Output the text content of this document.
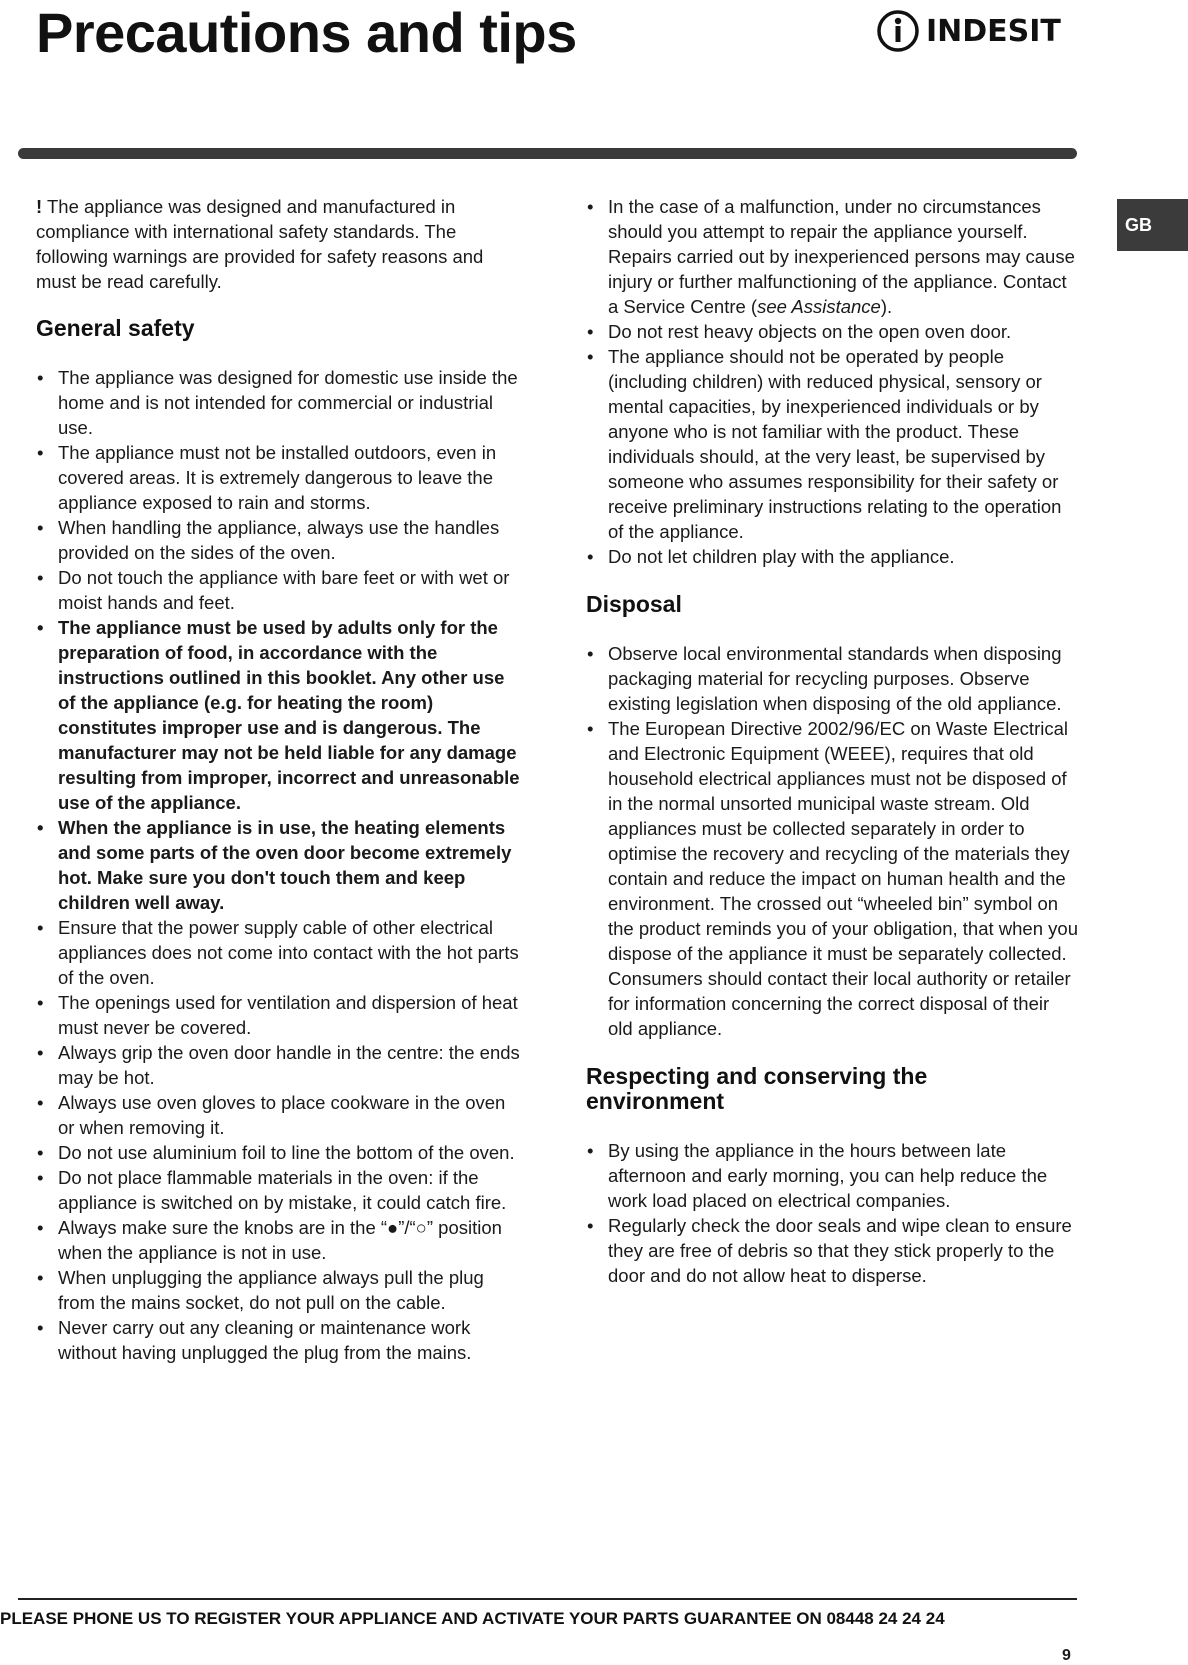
Precautions and tips	INDESIT
GB

! The appliance was designed and manufactured in compliance with international safety standards. The following warnings are provided for safety reasons and must be read carefully.

General safety
• The appliance was designed for domestic use inside the home and is not intended for commercial or industrial use.
• The appliance must not be installed outdoors, even in covered areas. It is extremely dangerous to leave the appliance exposed to rain and storms.
• When handling the appliance, always use the handles provided on the sides of the oven.
• Do not touch the appliance with bare feet or with wet or moist hands and feet.
• The appliance must be used by adults only for the preparation of food, in accordance with the instructions outlined in this booklet. Any other use of the appliance (e.g. for heating the room) constitutes improper use and is dangerous. The manufacturer may not be held liable for any damage resulting from improper, incorrect and unreasonable use of the appliance.
• When the appliance is in use, the heating elements and some parts of the oven door become extremely hot. Make sure you don't touch them and keep children well away.
• Ensure that the power supply cable of other electrical appliances does not come into contact with the hot parts of the oven.
• The openings used for ventilation and dispersion of heat must never be covered.
• Always grip the oven door handle in the centre: the ends may be hot.
• Always use oven gloves to place cookware in the oven or when removing it.
• Do not use aluminium foil to line the bottom of the oven.
• Do not place flammable materials in the oven: if the appliance is switched on by mistake, it could catch fire.
• Always make sure the knobs are in the “●”/“○” position when the appliance is not in use.
• When unplugging the appliance always pull the plug from the mains socket, do not pull on the cable.
• Never carry out any cleaning or maintenance work without having unplugged the plug from the mains.
• In the case of a malfunction, under no circumstances should you attempt to repair the appliance yourself. Repairs carried out by inexperienced persons may cause injury or further malfunctioning of the appliance. Contact a Service Centre (see Assistance).
• Do not rest heavy objects on the open oven door.
• The appliance should not be operated by people (including children) with reduced physical, sensory or mental capacities, by inexperienced individuals or by anyone who is not familiar with the product. These individuals should, at the very least, be supervised by someone who assumes responsibility for their safety or receive preliminary instructions relating to the operation of the appliance.
• Do not let children play with the appliance.
Disposal
• Observe local environmental standards when disposing packaging material for recycling purposes. Observe existing legislation when disposing of the old appliance.
• The European Directive 2002/96/EC on Waste Electrical and Electronic Equipment (WEEE), requires that old household electrical appliances must not be disposed of in the normal unsorted municipal waste stream. Old appliances must be collected separately in order to optimise the recovery and recycling of the materials they contain and reduce the impact on human health and the environment. The crossed out “wheeled bin” symbol on the product reminds you of your obligation, that when you dispose of the appliance it must be separately collected.
Consumers should contact their local authority or retailer for information concerning the correct disposal of their old appliance.
Respecting and conserving the environment
• By using the appliance in the hours between late afternoon and early morning, you can help reduce the work load placed on electrical companies.
• Regularly check the door seals and wipe clean to ensure they are free of debris so that they stick properly to the door and do not allow heat to disperse.
PLEASE PHONE US TO REGISTER YOUR APPLIANCE AND ACTIVATE YOUR PARTS GUARANTEE ON 08448 24 24 24
9
